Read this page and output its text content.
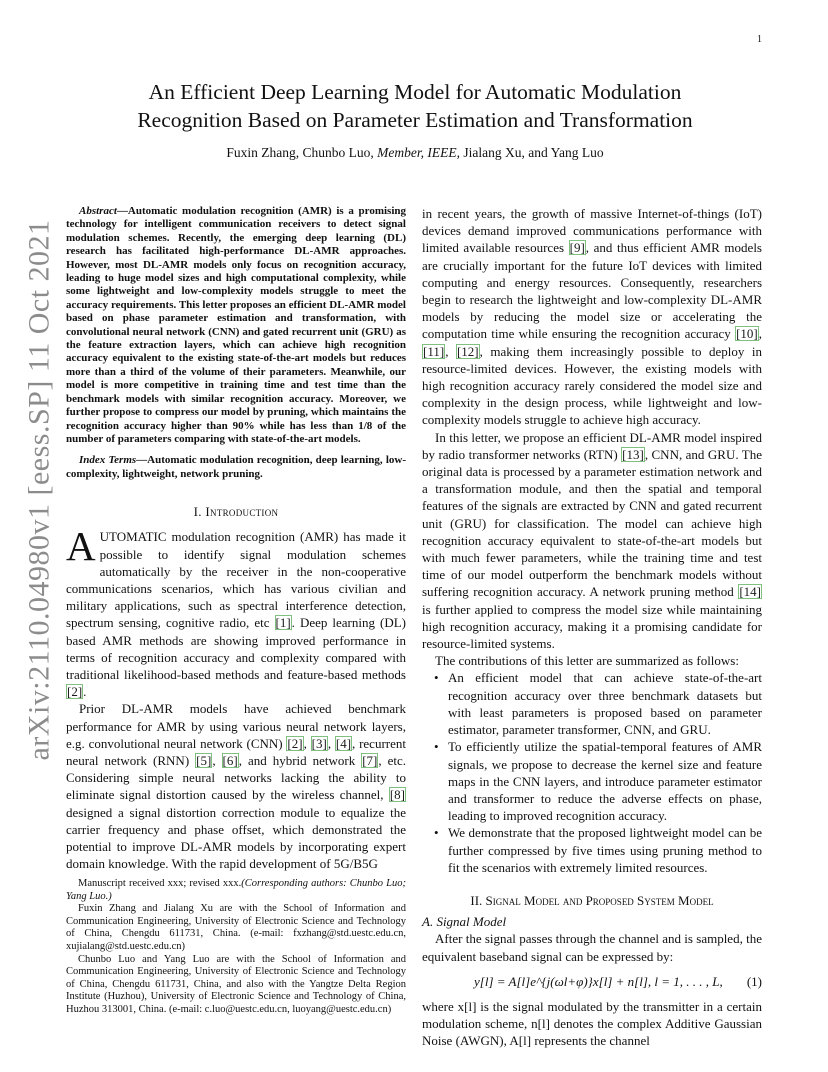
1
arXiv:2110.04980v1 [eess.SP] 11 Oct 2021
An Efficient Deep Learning Model for Automatic Modulation
Recognition Based on Parameter Estimation and Transformation
Fuxin Zhang, Chunbo Luo, Member, IEEE, Jialang Xu, and Yang Luo

Abstract—Automatic modulation recognition (AMR) is a promising technology for intelligent communication receivers to detect signal modulation schemes. Recently, the emerging deep learning (DL) research has facilitated high-performance DL-AMR approaches. However, most DL-AMR models only focus on recognition accuracy, leading to huge model sizes and high computational complexity, while some lightweight and low-complexity models struggle to meet the accuracy requirements. This letter proposes an efficient DL-AMR model based on phase parameter estimation and transformation, with convolutional neural network (CNN) and gated recurrent unit (GRU) as the feature extraction layers, which can achieve high recognition accuracy equivalent to the existing state-of-the-art models but reduces more than a third of the volume of their parameters. Meanwhile, our model is more competitive in training time and test time than the benchmark models with similar recognition accuracy. Moreover, we further propose to compress our model by pruning, which maintains the recognition accuracy higher than 90% while has less than 1/8 of the number of parameters comparing with state-of-the-art models.

Index Terms—Automatic modulation recognition, deep learning, low-complexity, lightweight, network pruning.

I. Introduction

AUTOMATIC modulation recognition (AMR) has made it possible to identify signal modulation schemes automatically by the receiver in the non-cooperative communications scenarios, which has various civilian and military applications, such as spectral interference detection, spectrum sensing, cognitive radio, etc [1]. Deep learning (DL) based AMR methods are showing improved performance in terms of recognition accuracy and complexity compared with traditional likelihood-based methods and feature-based methods [2].

Prior DL-AMR models have achieved benchmark performance for AMR by using various neural network layers, e.g. convolutional neural network (CNN) [2], [3], [4], recurrent neural network (RNN) [5], [6], and hybrid network [7], etc. Considering simple neural networks lacking the ability to eliminate signal distortion caused by the wireless channel, [8] designed a signal distortion correction module to equalize the carrier frequency and phase offset, which demonstrated the potential to improve DL-AMR models by incorporating expert domain knowledge. With the rapid development of 5G/B5G

Manuscript received xxx; revised xxx.(Corresponding authors: Chunbo Luo; Yang Luo.)

Fuxin Zhang and Jialang Xu are with the School of Information and Communication Engineering, University of Electronic Science and Technology of China, Chengdu 611731, China. (e-mail: fxzhang@std.uestc.edu.cn, xujialang@std.uestc.edu.cn)

Chunbo Luo and Yang Luo are with the School of Information and Communication Engineering, University of Electronic Science and Technology of China, Chengdu 611731, China, and also with the Yangtze Delta Region Institute (Huzhou), University of Electronic Science and Technology of China, Huzhou 313001, China. (e-mail: c.luo@uestc.edu.cn, luoyang@uestc.edu.cn)

in recent years, the growth of massive Internet-of-things (IoT) devices demand improved communications performance with limited available resources [9], and thus efficient AMR models are crucially important for the future IoT devices with limited computing and energy resources. Consequently, researchers begin to research the lightweight and low-complexity DL-AMR models by reducing the model size or accelerating the computation time while ensuring the recognition accuracy [10], [11], [12], making them increasingly possible to deploy in resource-limited devices. However, the existing models with high recognition accuracy rarely considered the model size and complexity in the design process, while lightweight and low-complexity models struggle to achieve high accuracy.

In this letter, we propose an efficient DL-AMR model inspired by radio transformer networks (RTN) [13], CNN, and GRU. The original data is processed by a parameter estimation network and a transformation module, and then the spatial and temporal features of the signals are extracted by CNN and gated recurrent unit (GRU) for classification. The model can achieve high recognition accuracy equivalent to state-of-the-art models but with much fewer parameters, while the training time and test time of our model outperform the benchmark models without suffering recognition accuracy. A network pruning method [14] is further applied to compress the model size while maintaining high recognition accuracy, making it a promising candidate for resource-limited systems.

The contributions of this letter are summarized as follows:

• An efficient model that can achieve state-of-the-art recognition accuracy over three benchmark datasets but with least parameters is proposed based on parameter estimator, parameter transformer, CNN, and GRU.
• To efficiently utilize the spatial-temporal features of AMR signals, we propose to decrease the kernel size and feature maps in the CNN layers, and introduce parameter estimator and transformer to reduce the adverse effects on phase, leading to improved recognition accuracy.
• We demonstrate that the proposed lightweight model can be further compressed by five times using pruning method to fit the scenarios with extremely limited resources.
II. Signal Model and Proposed System Model
A. Signal Model

After the signal passes through the channel and is sampled, the equivalent baseband signal can be expressed by:

y[l] = A[l]e^{j(ωl+φ)}x[l] + n[l], l = 1, . . . , L, (1)

where x[l] is the signal modulated by the transmitter in a certain modulation scheme, n[l] denotes the complex Additive Gaussian Noise (AWGN), A[l] represents the channel
